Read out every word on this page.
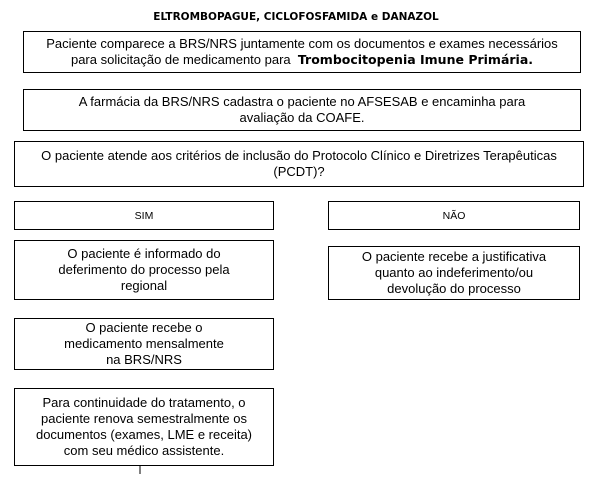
ELTROMBOPAGUE, CICLOFOSFAMIDA e DANAZOL
Paciente comparece a BRS/NRS juntamente com os documentos e exames necessários
para solicitação de medicamento para Trombocitopenia Imune Primária.
A farmácia da BRS/NRS cadastra o paciente no AFSESAB e encaminha para avaliação da COAFE.
O paciente atende aos critérios de inclusão do Protocolo Clínico e Diretrizes Terapêuticas (PCDT)?
SIM	NÃO
O paciente é informado do deferimento do processo pela regional
O paciente recebe a justificativa quanto ao indeferimento/ou devolução do processo
O paciente recebe o medicamento mensalmente na BRS/NRS
Para continuidade do tratamento, o paciente renova semestralmente os documentos (exames, LME e receita) com seu médico assistente.
